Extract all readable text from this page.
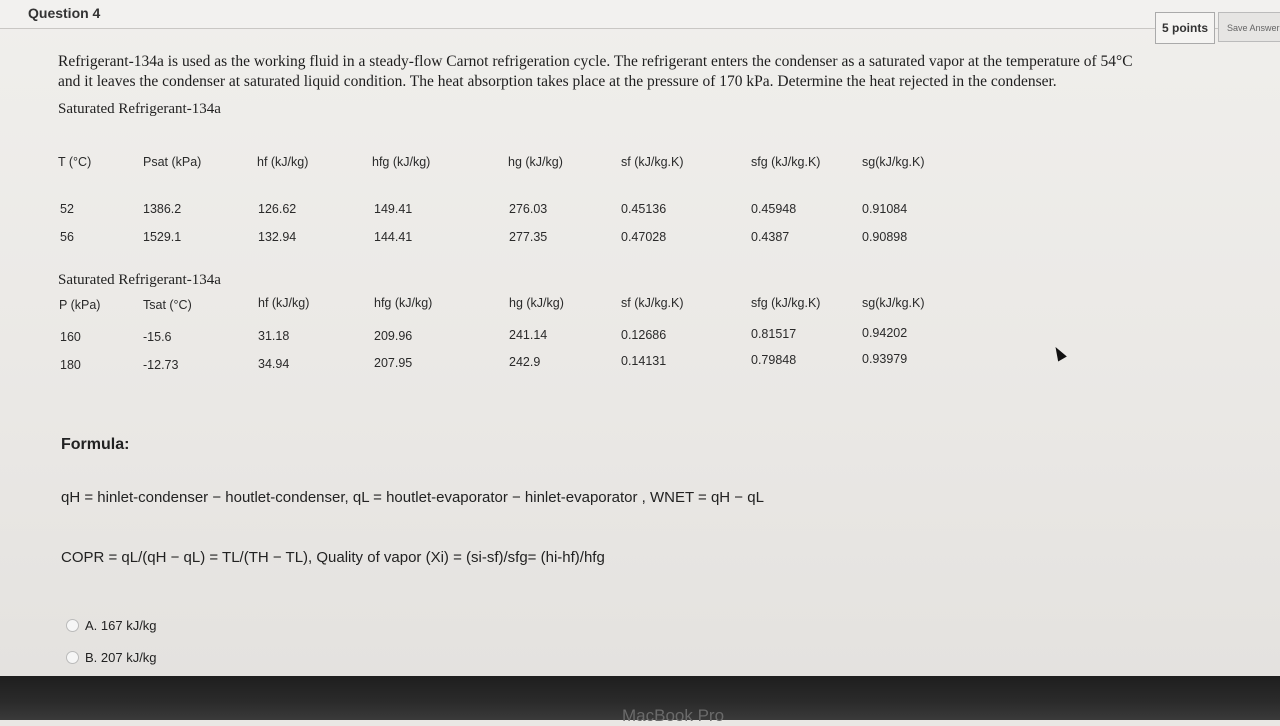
Question 4
5 points	Save Answer
Refrigerant-134a is used as the working fluid in a steady-flow Carnot refrigeration cycle. The refrigerant enters the condenser as a saturated vapor at the temperature of 54°C
and it leaves the condenser at saturated liquid condition. The heat absorption takes place at the pressure of 170 kPa. Determine the heat rejected in the condenser.
Saturated Refrigerant-134a
T (°C)	Psat (kPa)	hf (kJ/kg)	hfg (kJ/kg)	hg (kJ/kg)	sf (kJ/kg.K)	sfg (kJ/kg.K)	sg(kJ/kg.K)
52	1386.2	126.62	149.41	276.03	0.45136	0.45948	0.91084
56	1529.1	132.94	144.41	277.35	0.47028	0.4387	0.90898
Saturated Refrigerant-134a
P (kPa)	Tsat (°C)	hf (kJ/kg)	hfg (kJ/kg)	hg (kJ/kg)	sf (kJ/kg.K)	sfg (kJ/kg.K)	sg(kJ/kg.K)
160	-15.6	31.18	209.96	241.14	0.12686	0.81517	0.94202
180	-12.73	34.94	207.95	242.9	0.14131	0.79848	0.93979
Formula:
qH = hinlet-condenser − houtlet-condenser, qL = houtlet-evaporator − hinlet-evaporator , WNET = qH − qL
COPR = qL/(qH − qL) = TL/(TH − TL), Quality of vapor (Xi) = (si-sf)/sfg= (hi-hf)/hfg
A. 167 kJ/kg
B. 207 kJ/kg
MacBook Pro
